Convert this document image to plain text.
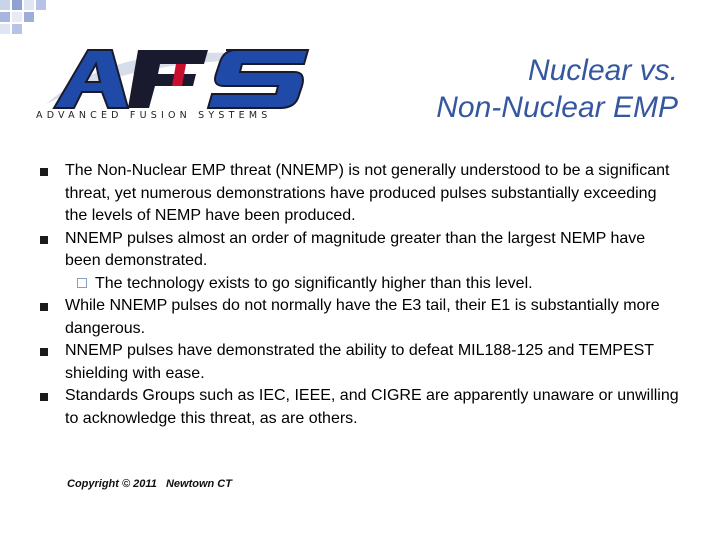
ADVANCED FUSION SYSTEMS
Nuclear vs.
Non-Nuclear EMP
The Non-Nuclear EMP threat (NNEMP) is not generally understood to be a significant threat, yet numerous demonstrations have produced pulses substantially exceeding the levels of NEMP have been produced.
NNEMP pulses almost an order of magnitude greater than the largest NEMP have been demonstrated.
The technology exists to go significantly higher than this level.
While NNEMP pulses do not normally have the E3 tail, their E1 is substantially more dangerous.
NNEMP pulses have demonstrated the ability to defeat MIL188-125 and TEMPEST shielding with ease.
Standards Groups such as IEC, IEEE, and CIGRE are apparently unaware or unwilling to acknowledge this threat, as are others.
Copyright © 2011   Newtown CT
